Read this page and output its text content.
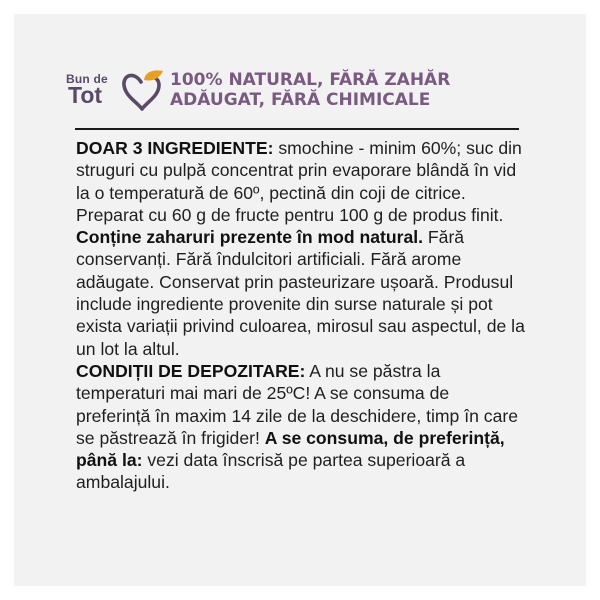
Bun de
Tot
100% NATURAL, FĂRĂ ZAHĂR
ADĂUGAT, FĂRĂ CHIMICALE

DOAR 3 INGREDIENTE: smochine - minim 60%; suc din struguri cu pulpă concentrat prin evaporare blândă în vid la o temperatură de 60º, pectină din coji de citrice. Preparat cu 60 g de fructe pentru 100 g de produs finit. Conține zaharuri prezente în mod natural. Fără conservanți. Fără îndulcitori artificiali. Fără arome adăugate. Conservat prin pasteurizare ușoară. Produsul include ingrediente provenite din surse naturale și pot exista variații privind culoarea, mirosul sau aspectul, de la un lot la altul.

CONDIȚII DE DEPOZITARE: A nu se păstra la temperaturi mai mari de 25ºC! A se consuma de preferință în maxim 14 zile de la deschidere, timp în care se păstrează în frigider! A se consuma, de preferință, până la: vezi data înscrisă pe partea superioară a ambalajului.
